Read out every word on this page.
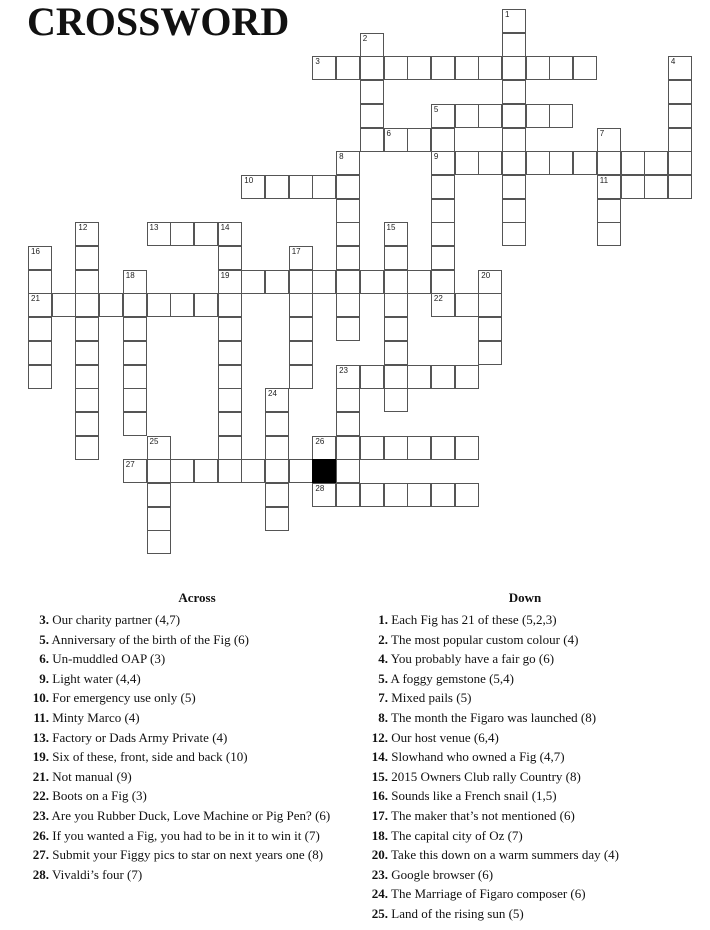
CROSSWORD	1
2
3	4
5
9
22
6	7
11
8
10
12	13	14
19
15
16
21
17
18	20
23
24
25	26
27
28
Across
3. Our charity partner (4,7)
5. Anniversary of the birth of the Fig (6)
6. Un-muddled OAP (3)
9. Light water (4,4)
10. For emergency use only (5)
11. Minty Marco (4)
13. Factory or Dads Army Private (4)
19. Six of these, front, side and back (10)
21. Not manual (9)
22. Boots on a Fig (3)
23. Are you Rubber Duck, Love Machine or Pig Pen? (6)
26. If you wanted a Fig, you had to be in it to win it (7)
27. Submit your Figgy pics to star on next years one (8)
28. Vivaldi’s four (7)
Down
1. Each Fig has 21 of these (5,2,3)
2. The most popular custom colour (4)
4. You probably have a fair go (6)
5. A foggy gemstone (5,4)
7. Mixed pails (5)
8. The month the Figaro was launched (8)
12. Our host venue (6,4)
14. Slowhand who owned a Fig (4,7)
15. 2015 Owners Club rally Country (8)
16. Sounds like a French snail (1,5)
17. The maker that’s not mentioned (6)
18. The capital city of Oz (7)
20. Take this down on a warm summers day (4)
23. Google browser (6)
24. The Marriage of Figaro composer (6)
25. Land of the rising sun (5)
